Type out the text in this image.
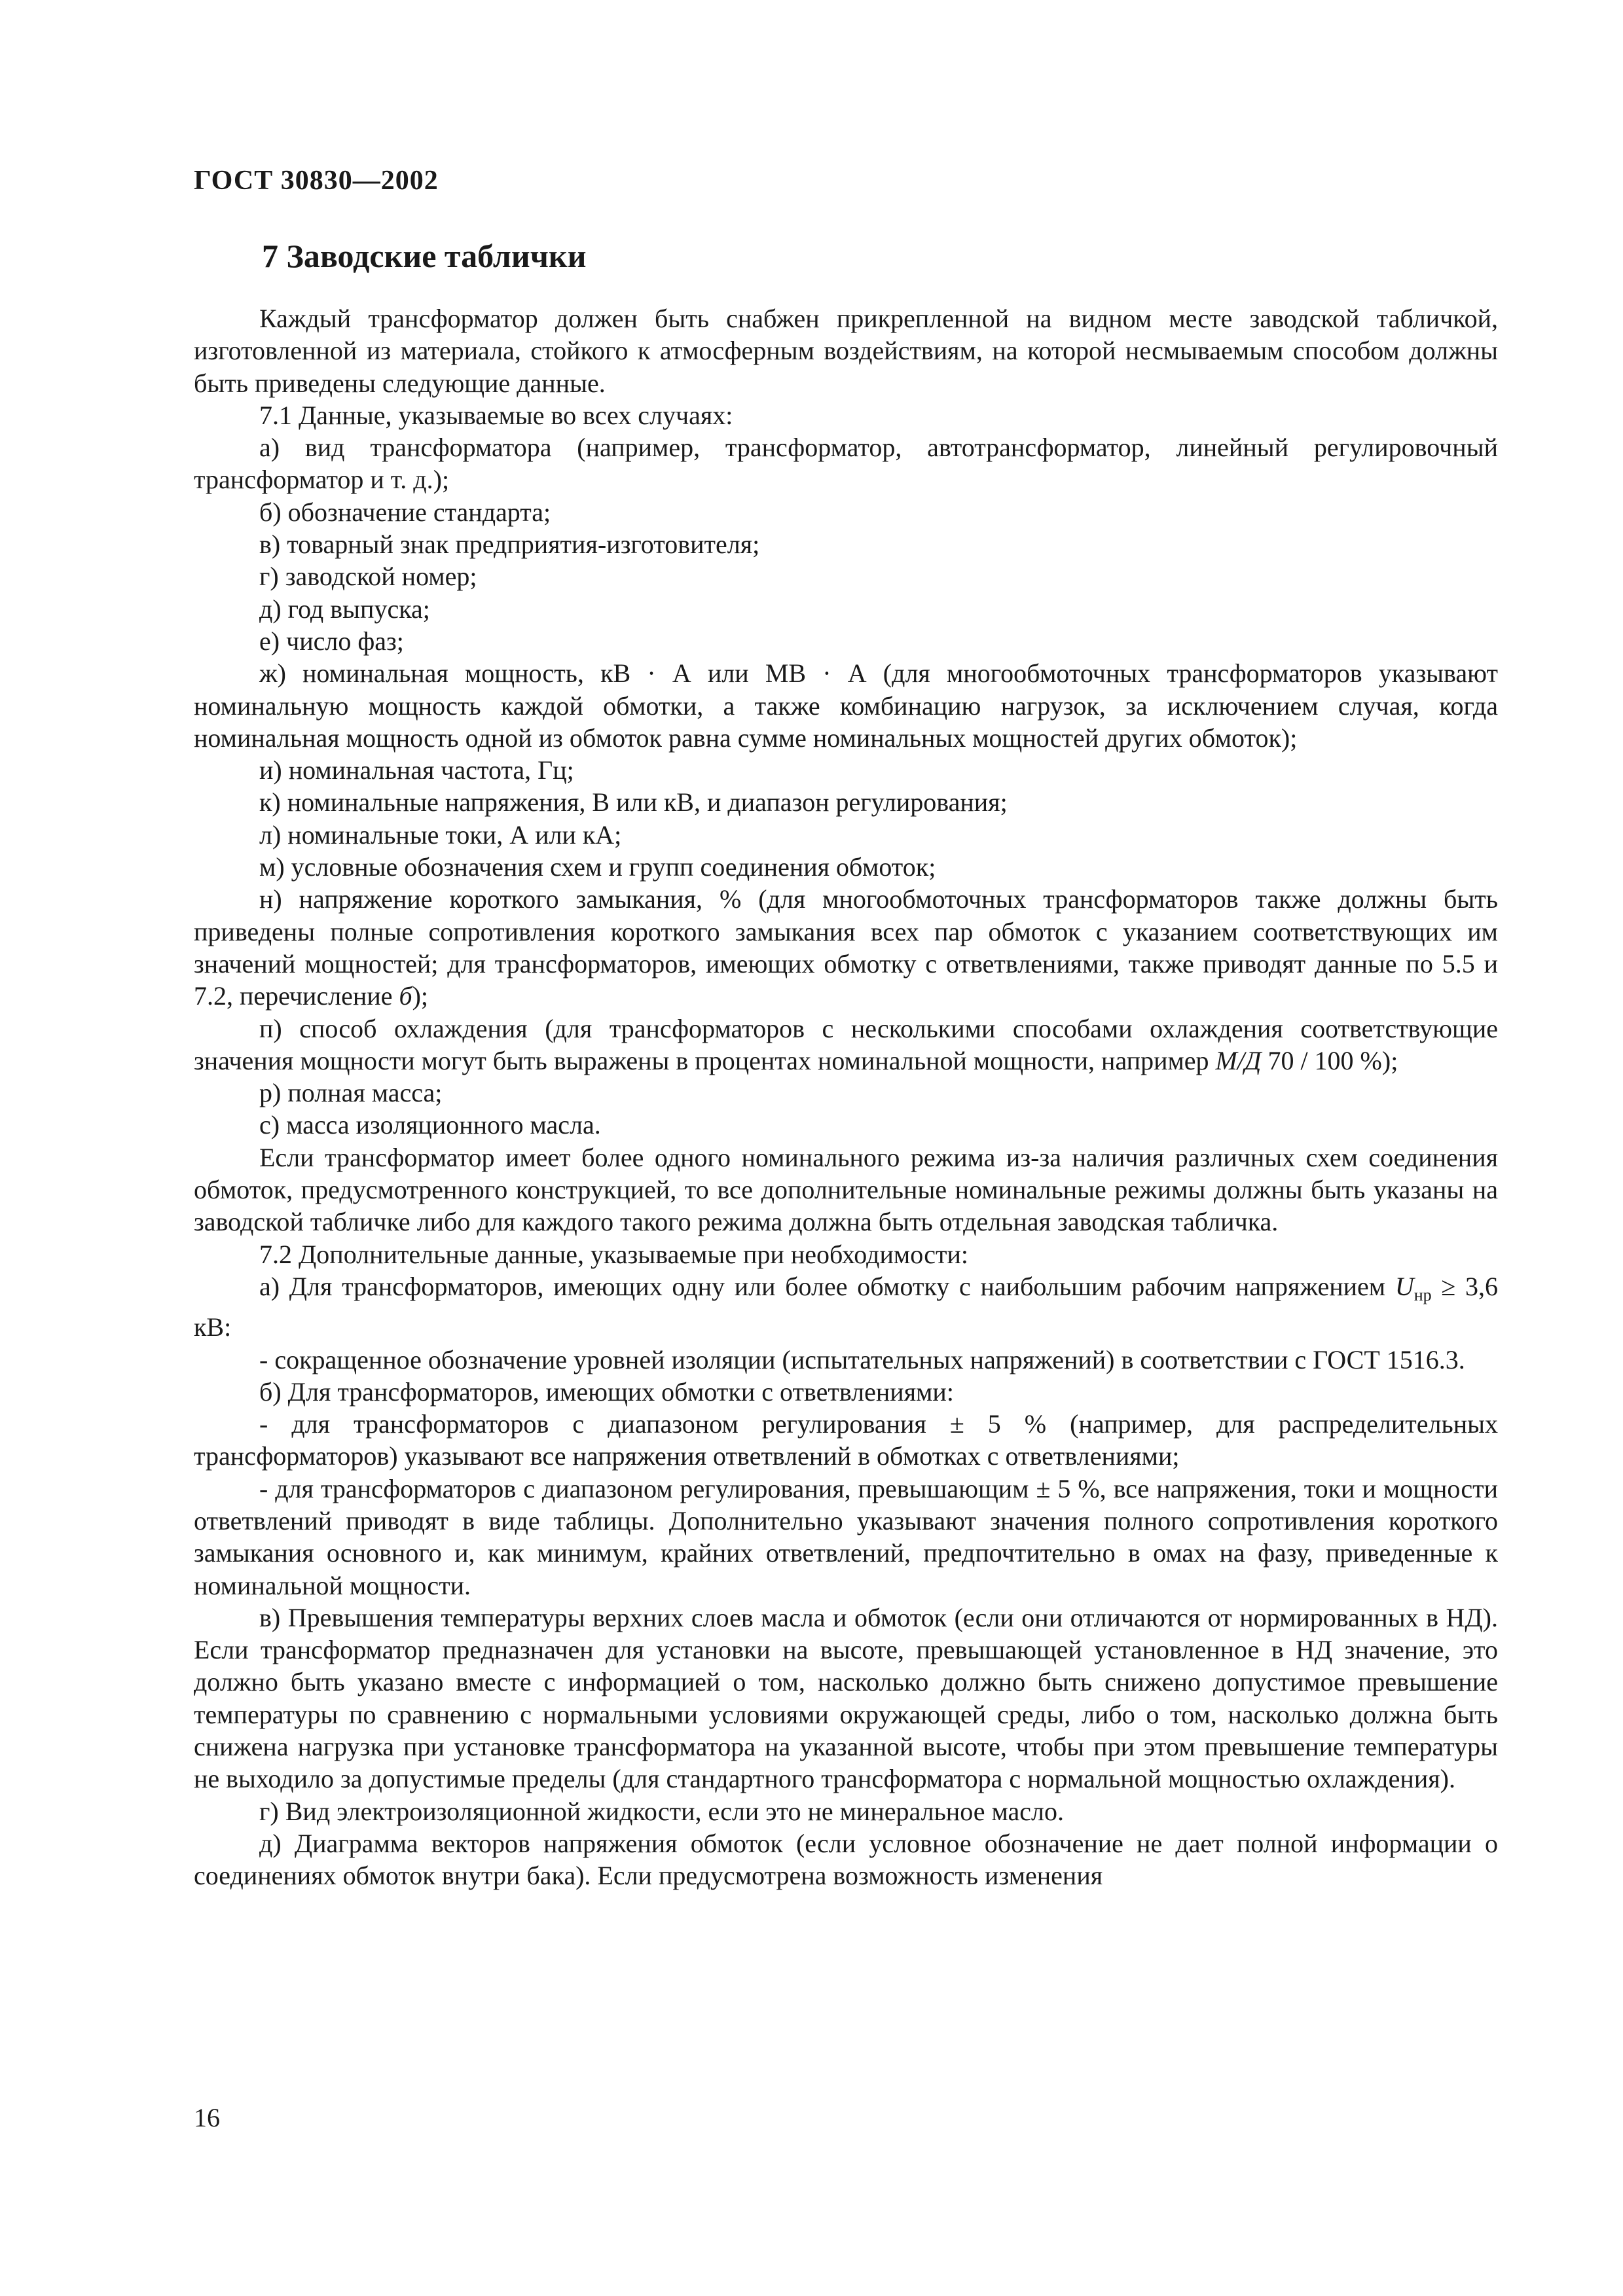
ГОСТ 30830—2002
7 Заводские таблички

Каждый трансформатор должен быть снабжен прикрепленной на видном месте заводской табличкой, изготовленной из материала, стойкого к атмосферным воздействиям, на которой несмываемым способом должны быть приведены следующие данные.

7.1 Данные, указываемые во всех случаях:

а) вид трансформатора (например, трансформатор, автотрансформатор, линейный регулировочный трансформатор и т. д.);

б) обозначение стандарта;

в) товарный знак предприятия-изготовителя;

г) заводской номер;

д) год выпуска;

е) число фаз;

ж) номинальная мощность, кВ · А или МВ · А (для многообмоточных трансформаторов указывают номинальную мощность каждой обмотки, а также комбинацию нагрузок, за исключением случая, когда номинальная мощность одной из обмоток равна сумме номинальных мощностей других обмоток);

и) номинальная частота, Гц;

к) номинальные напряжения, В или кВ, и диапазон регулирования;

л) номинальные токи, А или кА;

м) условные обозначения схем и групп соединения обмоток;

н) напряжение короткого замыкания, % (для многообмоточных трансформаторов также должны быть приведены полные сопротивления короткого замыкания всех пар обмоток с указанием соответствующих им значений мощностей; для трансформаторов, имеющих обмотку с ответвлениями, также приводят данные по 5.5 и 7.2, перечисление б);

п) способ охлаждения (для трансформаторов с несколькими способами охлаждения соответствующие значения мощности могут быть выражены в процентах номинальной мощности, например М/Д 70 / 100 %);

р) полная масса;

с) масса изоляционного масла.

Если трансформатор имеет более одного номинального режима из-за наличия различных схем соединения обмоток, предусмотренного конструкцией, то все дополнительные номинальные режимы должны быть указаны на заводской табличке либо для каждого такого режима должна быть отдельная заводская табличка.

7.2 Дополнительные данные, указываемые при необходимости:

а) Для трансформаторов, имеющих одну или более обмотку с наибольшим рабочим напряжением $U_{нр} \ge 3,6$ кВ:

- сокращенное обозначение уровней изоляции (испытательных напряжений) в соответствии с ГОСТ 1516.3.

б) Для трансформаторов, имеющих обмотки с ответвлениями:

- для трансформаторов с диапазоном регулирования ± 5 % (например, для распределительных трансформаторов) указывают все напряжения ответвлений в обмотках с ответвлениями;

- для трансформаторов с диапазоном регулирования, превышающим ± 5 %, все напряжения, токи и мощности ответвлений приводят в виде таблицы. Дополнительно указывают значения полного сопротивления короткого замыкания основного и, как минимум, крайних ответвлений, предпочтительно в омах на фазу, приведенные к номинальной мощности.

в) Превышения температуры верхних слоев масла и обмоток (если они отличаются от нормированных в НД). Если трансформатор предназначен для установки на высоте, превышающей установленное в НД значение, это должно быть указано вместе с информацией о том, насколько должно быть снижено допустимое превышение температуры по сравнению с нормальными условиями окружающей среды, либо о том, насколько должна быть снижена нагрузка при установке трансформатора на указанной высоте, чтобы при этом превышение температуры не выходило за допустимые пределы (для стандартного трансформатора с нормальной мощностью охлаждения).

г) Вид электроизоляционной жидкости, если это не минеральное масло.

д) Диаграмма векторов напряжения обмоток (если условное обозначение не дает полной информации о соединениях обмоток внутри бака). Если предусмотрена возможность изменения

16
